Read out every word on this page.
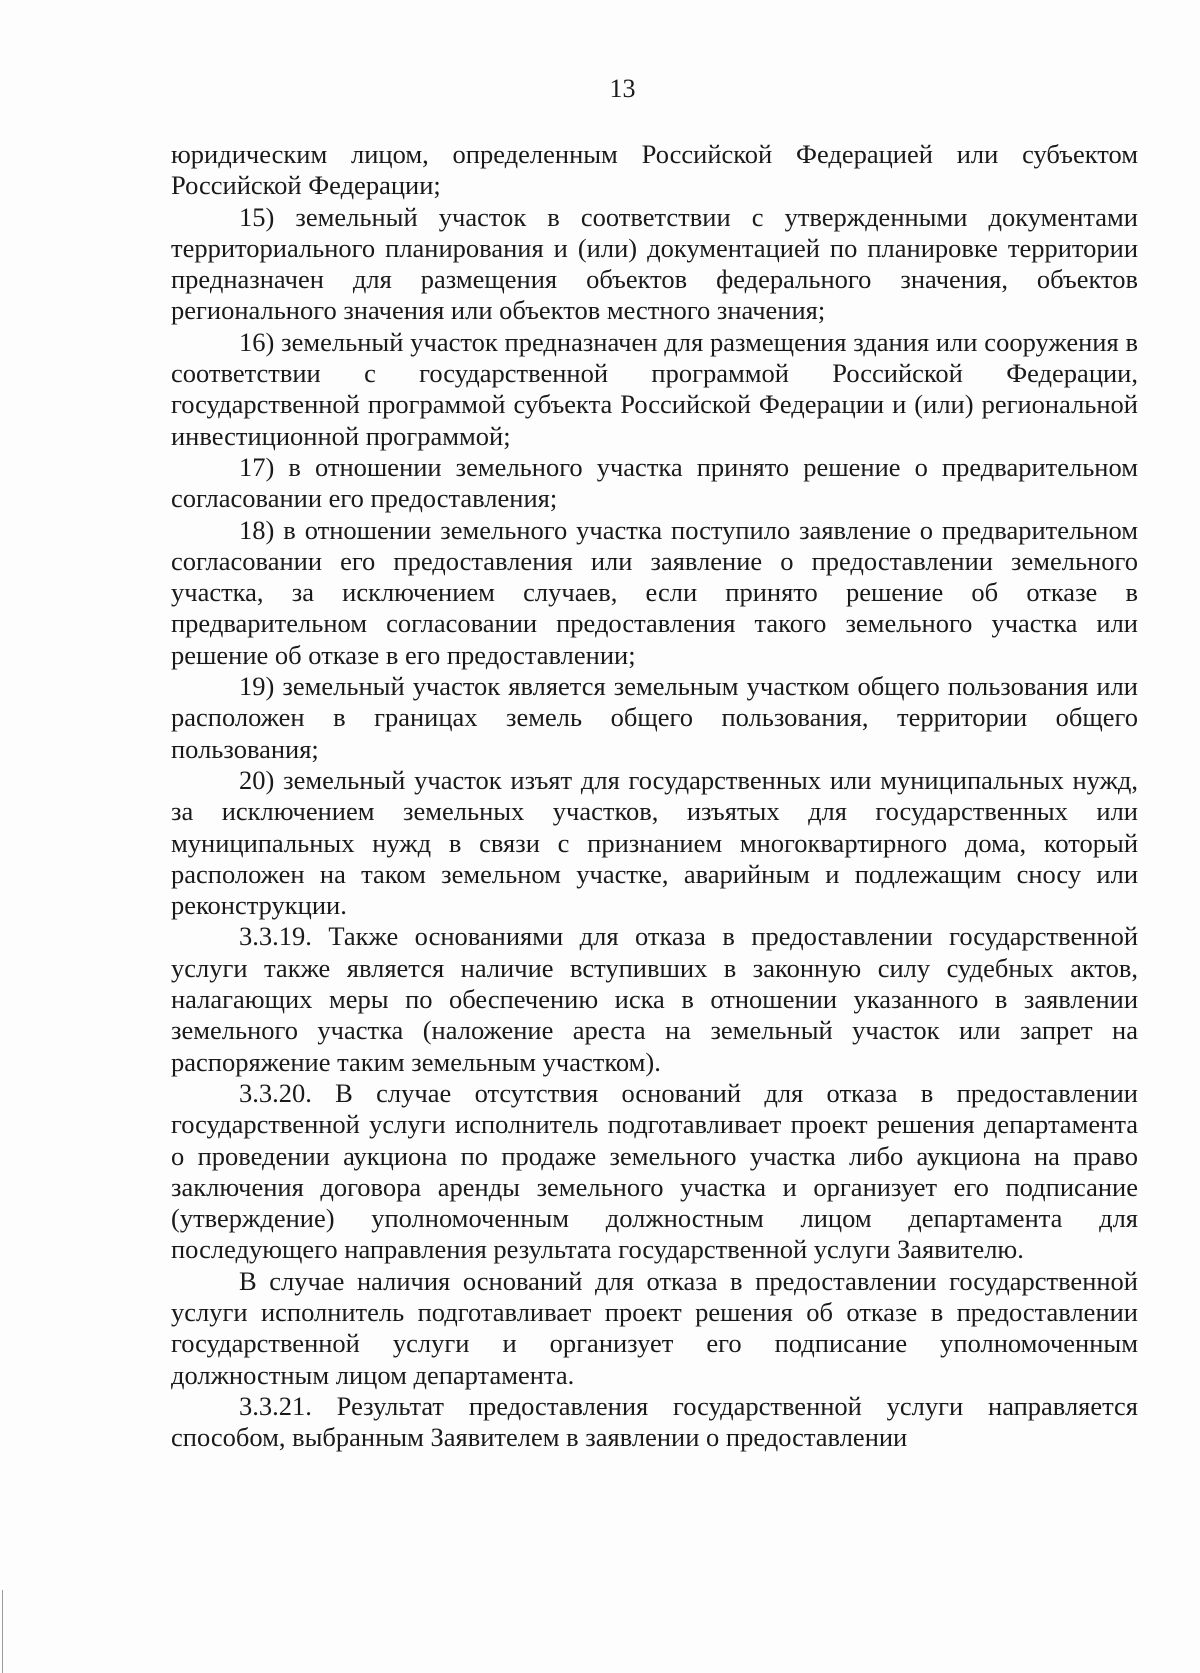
13

юридическим лицом, определенным Российской Федерацией или субъектом Российской Федерации;

15) земельный участок в соответствии с утвержденными документами территориального планирования и (или) документацией по планировке территории предназначен для размещения объектов федерального значения, объектов регионального значения или объектов местного значения;

16) земельный участок предназначен для размещения здания или сооружения в соответствии с государственной программой Российской Федерации, государственной программой субъекта Российской Федерации и (или) региональной инвестиционной программой;

17) в отношении земельного участка принято решение о предварительном согласовании его предоставления;

18) в отношении земельного участка поступило заявление о предварительном согласовании его предоставления или заявление о предоставлении земельного участка, за исключением случаев, если принято решение об отказе в предварительном согласовании предоставления такого земельного участка или решение об отказе в его предоставлении;

19) земельный участок является земельным участком общего пользования или расположен в границах земель общего пользования, территории общего пользования;

20) земельный участок изъят для государственных или муниципальных нужд, за исключением земельных участков, изъятых для государственных или муниципальных нужд в связи с признанием многоквартирного дома, который расположен на таком земельном участке, аварийным и подлежащим сносу или реконструкции.

3.3.19. Также основаниями для отказа в предоставлении государственной услуги также является наличие вступивших в законную силу судебных актов, налагающих меры по обеспечению иска в отношении указанного в заявлении земельного участка (наложение ареста на земельный участок или запрет на распоряжение таким земельным участком).

3.3.20. В случае отсутствия оснований для отказа в предоставлении государственной услуги исполнитель подготавливает проект решения департамента о проведении аукциона по продаже земельного участка либо аукциона на право заключения договора аренды земельного участка и организует его подписание (утверждение) уполномоченным должностным лицом департамента для последующего направления результата государственной услуги Заявителю.

В случае наличия оснований для отказа в предоставлении государственной услуги исполнитель подготавливает проект решения об отказе в предоставлении государственной услуги и организует его подписание уполномоченным должностным лицом департамента.

3.3.21. Результат предоставления государственной услуги направляется способом, выбранным Заявителем в заявлении о предоставлении
